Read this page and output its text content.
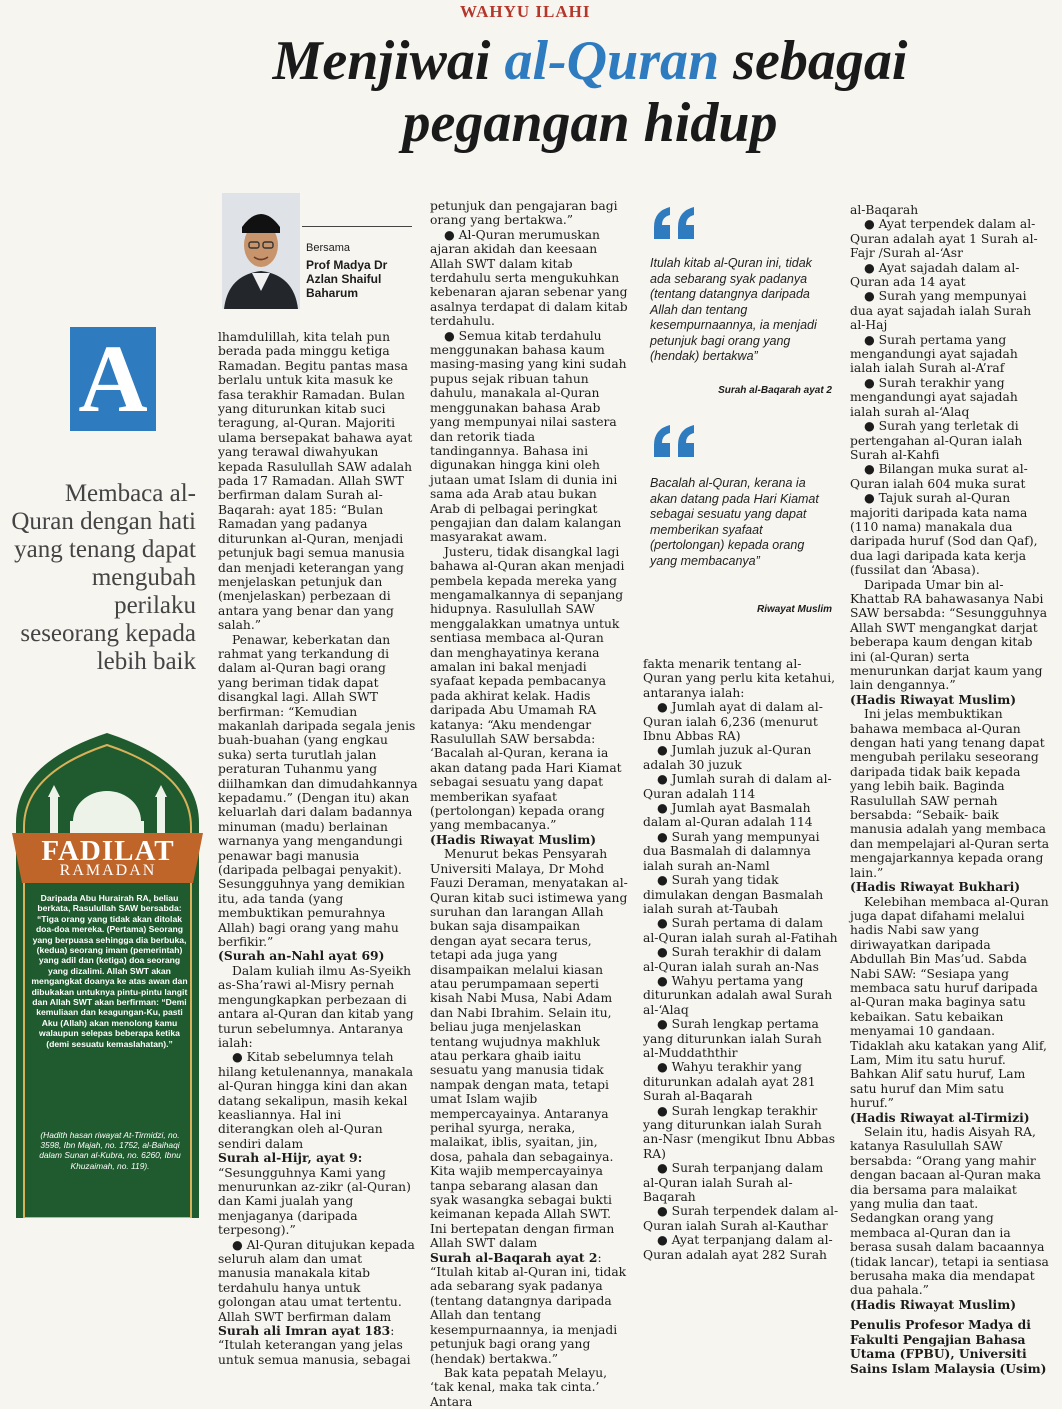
WAHYU ILAHI
Menjiwai al-Quran sebagai
pegangan hidup
Bersama
Prof Madya Dr Azlan Shaiful Baharum
A
Membaca al-Quran dengan hati yang tenang dapat mengubah perilaku seseorang kepada lebih baik
FADILAT
RAMADAN
Daripada Abu Hurairah RA, beliau berkata, Rasulullah SAW bersabda: “Tiga orang yang tidak akan ditolak doa-doa mereka. (Pertama) Seorang yang berpuasa sehingga dia berbuka, (kedua) seorang imam (pemerintah) yang adil dan (ketiga) doa seorang yang dizalimi. Allah SWT akan mengangkat doanya ke atas awan dan dibukakan untuknya pintu-pintu langit dan Allah SWT akan berfirman: “Demi kemuliaan dan keagungan-Ku, pasti Aku (Allah) akan menolong kamu walaupun selepas beberapa ketika (demi sesuatu kemaslahatan).”
(Hadith hasan riwayat At-Tirmidzi, no. 3598, Ibn Majah, no. 1752, al-Baihaqi dalam Sunan al-Kubra, no. 6260, Ibnu Khuzaimah, no. 119).

lhamdulillah, kita telah pun berada pada minggu ketiga Ramadan. Begitu pantas masa berlalu untuk kita masuk ke fasa terakhir Ramadan. Bulan yang diturunkan kitab suci teragung, al-Quran. Majoriti ulama bersepakat bahawa ayat yang terawal diwahyukan kepada Rasulullah SAW adalah pada 17 Ramadan. Allah SWT berfirman dalam Surah al-Baqarah: ayat 185: “Bulan Ramadan yang padanya diturunkan al-Quran, menjadi petunjuk bagi semua manusia dan menjadi keterangan yang menjelaskan petunjuk dan (menjelaskan) perbezaan di antara yang benar dan yang salah.”

Penawar, keberkatan dan rahmat yang terkandung di dalam al-Quran bagi orang yang beriman tidak dapat disangkal lagi. Allah SWT berfirman: “Kemudian makanlah daripada segala jenis buah-buahan (yang engkau suka) serta turutlah jalan peraturan Tuhanmu yang diilhamkan dan dimudahkannya kepadamu.” (Dengan itu) akan keluarlah dari dalam badannya minuman (madu) berlainan warnanya yang mengandungi penawar bagi manusia (daripada pelbagai penyakit). Sesungguhnya yang demikian itu, ada tanda (yang membuktikan pemurahnya Allah) bagi orang yang mahu berfikir.”

(Surah an-Nahl ayat 69)

Dalam kuliah ilmu As-Syeikh as-Sha’rawi al-Misry pernah mengungkapkan perbezaan di antara al-Quran dan kitab yang turun sebelumnya. Antaranya ialah:

● Kitab sebelumnya telah hilang ketulenannya, manakala al-Quran hingga kini dan akan datang sekalipun, masih kekal keasliannya. Hal ini diterangkan oleh al-Quran sendiri dalam

Surah al-Hijr, ayat 9:

“Sesungguhnya Kami yang menurunkan az-zikr (al-Quran) dan Kami jualah yang menjaganya (daripada terpesong).”

● Al-Quran ditujukan kepada seluruh alam dan umat manusia manakala kitab terdahulu hanya untuk golongan atau umat tertentu. Allah SWT berfirman dalam

Surah ali Imran ayat 183: “Itulah keterangan yang jelas untuk semua manusia, sebagai

petunjuk dan pengajaran bagi orang yang bertakwa.”

● Al-Quran merumuskan ajaran akidah dan keesaan Allah SWT dalam kitab terdahulu serta mengukuhkan kebenaran ajaran sebenar yang asalnya terdapat di dalam kitab terdahulu.

● Semua kitab terdahulu menggunakan bahasa kaum masing-masing yang kini sudah pupus sejak ribuan tahun dahulu, manakala al-Quran menggunakan bahasa Arab yang mempunyai nilai sastera dan retorik tiada tandingannya. Bahasa ini digunakan hingga kini oleh jutaan umat Islam di dunia ini sama ada Arab atau bukan Arab di pelbagai peringkat pengajian dan dalam kalangan masyarakat awam.

Justeru, tidak disangkal lagi bahawa al-Quran akan menjadi pembela kepada mereka yang mengamalkannya di sepanjang hidupnya. Rasulullah SAW menggalakkan umatnya untuk sentiasa membaca al-Quran dan menghayatinya kerana amalan ini bakal menjadi syafaat kepada pembacanya pada akhirat kelak. Hadis daripada Abu Umamah RA katanya: “Aku mendengar Rasulullah SAW bersabda: ‘Bacalah al-Quran, kerana ia akan datang pada Hari Kiamat sebagai sesuatu yang dapat memberikan syafaat (pertolongan) kepada orang yang membacanya.”

(Hadis Riwayat Muslim)

Menurut bekas Pensyarah Universiti Malaya, Dr Mohd Fauzi Deraman, menyatakan al-Quran kitab suci istimewa yang suruhan dan larangan Allah bukan saja disampaikan dengan ayat secara terus, tetapi ada juga yang disampaikan melalui kiasan atau perumpamaan seperti kisah Nabi Musa, Nabi Adam dan Nabi Ibrahim. Selain itu, beliau juga menjelaskan tentang wujudnya makhluk atau perkara ghaib iaitu sesuatu yang manusia tidak nampak dengan mata, tetapi umat Islam wajib mempercayainya. Antaranya perihal syurga, neraka, malaikat, iblis, syaitan, jin, dosa, pahala dan sebagainya. Kita wajib mempercayainya tanpa sebarang alasan dan syak wasangka sebagai bukti keimanan kepada Allah SWT. Ini bertepatan dengan firman Allah SWT dalam

Surah al-Baqarah ayat 2: “Itulah kitab al-Quran ini, tidak ada sebarang syak padanya (tentang datangnya daripada Allah dan tentang kesempurnaannya, ia menjadi petunjuk bagi orang yang (hendak) bertakwa.”

Bak kata pepatah Melayu, ‘tak kenal, maka tak cinta.’ Antara

Itulah kitab al-Quran ini, tidak ada sebarang syak padanya (tentang datangnya daripada Allah dan tentang kesempurnaannya, ia menjadi petunjuk bagi orang yang (hendak) bertakwa”
Surah al-Baqarah ayat 2
Bacalah al-Quran, kerana ia akan datang pada Hari Kiamat sebagai sesuatu yang dapat memberikan syafaat (pertolongan) kepada orang yang membacanya”
Riwayat Muslim

fakta menarik tentang al-Quran yang perlu kita ketahui, antaranya ialah:

● Jumlah ayat di dalam al-Quran ialah 6,236 (menurut Ibnu Abbas RA)

● Jumlah juzuk al-Quran adalah 30 juzuk

● Jumlah surah di dalam al-Quran adalah 114

● Jumlah ayat Basmalah dalam al-Quran adalah 114

● Surah yang mempunyai dua Basmalah di dalamnya ialah surah an-Naml

● Surah yang tidak dimulakan dengan Basmalah ialah surah at-Taubah

● Surah pertama di dalam al-Quran ialah surah al-Fatihah

● Surah terakhir di dalam al-Quran ialah surah an-Nas

● Wahyu pertama yang diturunkan adalah awal Surah al-‘Alaq

● Surah lengkap pertama yang diturunkan ialah Surah al-Muddaththir

● Wahyu terakhir yang diturunkan adalah ayat 281 Surah al-Baqarah

● Surah lengkap terakhir yang diturunkan ialah Surah an-Nasr (mengikut Ibnu Abbas RA)

● Surah terpanjang dalam al-Quran ialah Surah al-Baqarah

● Surah terpendek dalam al-Quran ialah Surah al-Kauthar

● Ayat terpanjang dalam al-Quran adalah ayat 282 Surah

al-Baqarah

● Ayat terpendek dalam al-Quran adalah ayat 1 Surah al-Fajr /Surah al-‘Asr

● Ayat sajadah dalam al-Quran ada 14 ayat

● Surah yang mempunyai dua ayat sajadah ialah Surah al-Haj

● Surah pertama yang mengandungi ayat sajadah ialah ialah Surah al-A’raf

● Surah terakhir yang mengandungi ayat sajadah ialah surah al-‘Alaq

● Surah yang terletak di pertengahan al-Quran ialah Surah al-Kahfi

● Bilangan muka surat al-Quran ialah 604 muka surat

● Tajuk surah al-Quran majoriti daripada kata nama (110 nama) manakala dua daripada huruf (Sod dan Qaf), dua lagi daripada kata kerja (fussilat dan ‘Abasa).

Daripada Umar bin al-Khattab RA bahawasanya Nabi SAW bersabda: “Sesungguhnya Allah SWT mengangkat darjat beberapa kaum dengan kitab ini (al-Quran) serta menurunkan darjat kaum yang lain dengannya.”

(Hadis Riwayat Muslim)

Ini jelas membuktikan bahawa membaca al-Quran dengan hati yang tenang dapat mengubah perilaku seseorang daripada tidak baik kepada yang lebih baik. Baginda Rasulullah SAW pernah bersabda: “Sebaik- baik manusia adalah yang membaca dan mempelajari al-Quran serta mengajarkannya kepada orang lain.”

(Hadis Riwayat Bukhari)

Kelebihan membaca al-Quran juga dapat difahami melalui hadis Nabi saw yang diriwayatkan daripada Abdullah Bin Mas’ud. Sabda Nabi SAW: “Sesiapa yang membaca satu huruf daripada al-Quran maka baginya satu kebaikan. Satu kebaikan menyamai 10 gandaan. Tidaklah aku katakan yang Alif, Lam, Mim itu satu huruf. Bahkan Alif satu huruf, Lam satu huruf dan Mim satu huruf.”

(Hadis Riwayat al-Tirmizi)

Selain itu, hadis Aisyah RA, katanya Rasulullah SAW bersabda: “Orang yang mahir dengan bacaan al-Quran maka dia bersama para malaikat yang mulia dan taat. Sedangkan orang yang membaca al-Quran dan ia berasa susah dalam bacaannya (tidak lancar), tetapi ia sentiasa berusaha maka dia mendapat dua pahala.”

(Hadis Riwayat Muslim)

Penulis Profesor Madya di Fakulti Pengajian Bahasa Utama (FPBU), Universiti Sains Islam Malaysia (Usim)
